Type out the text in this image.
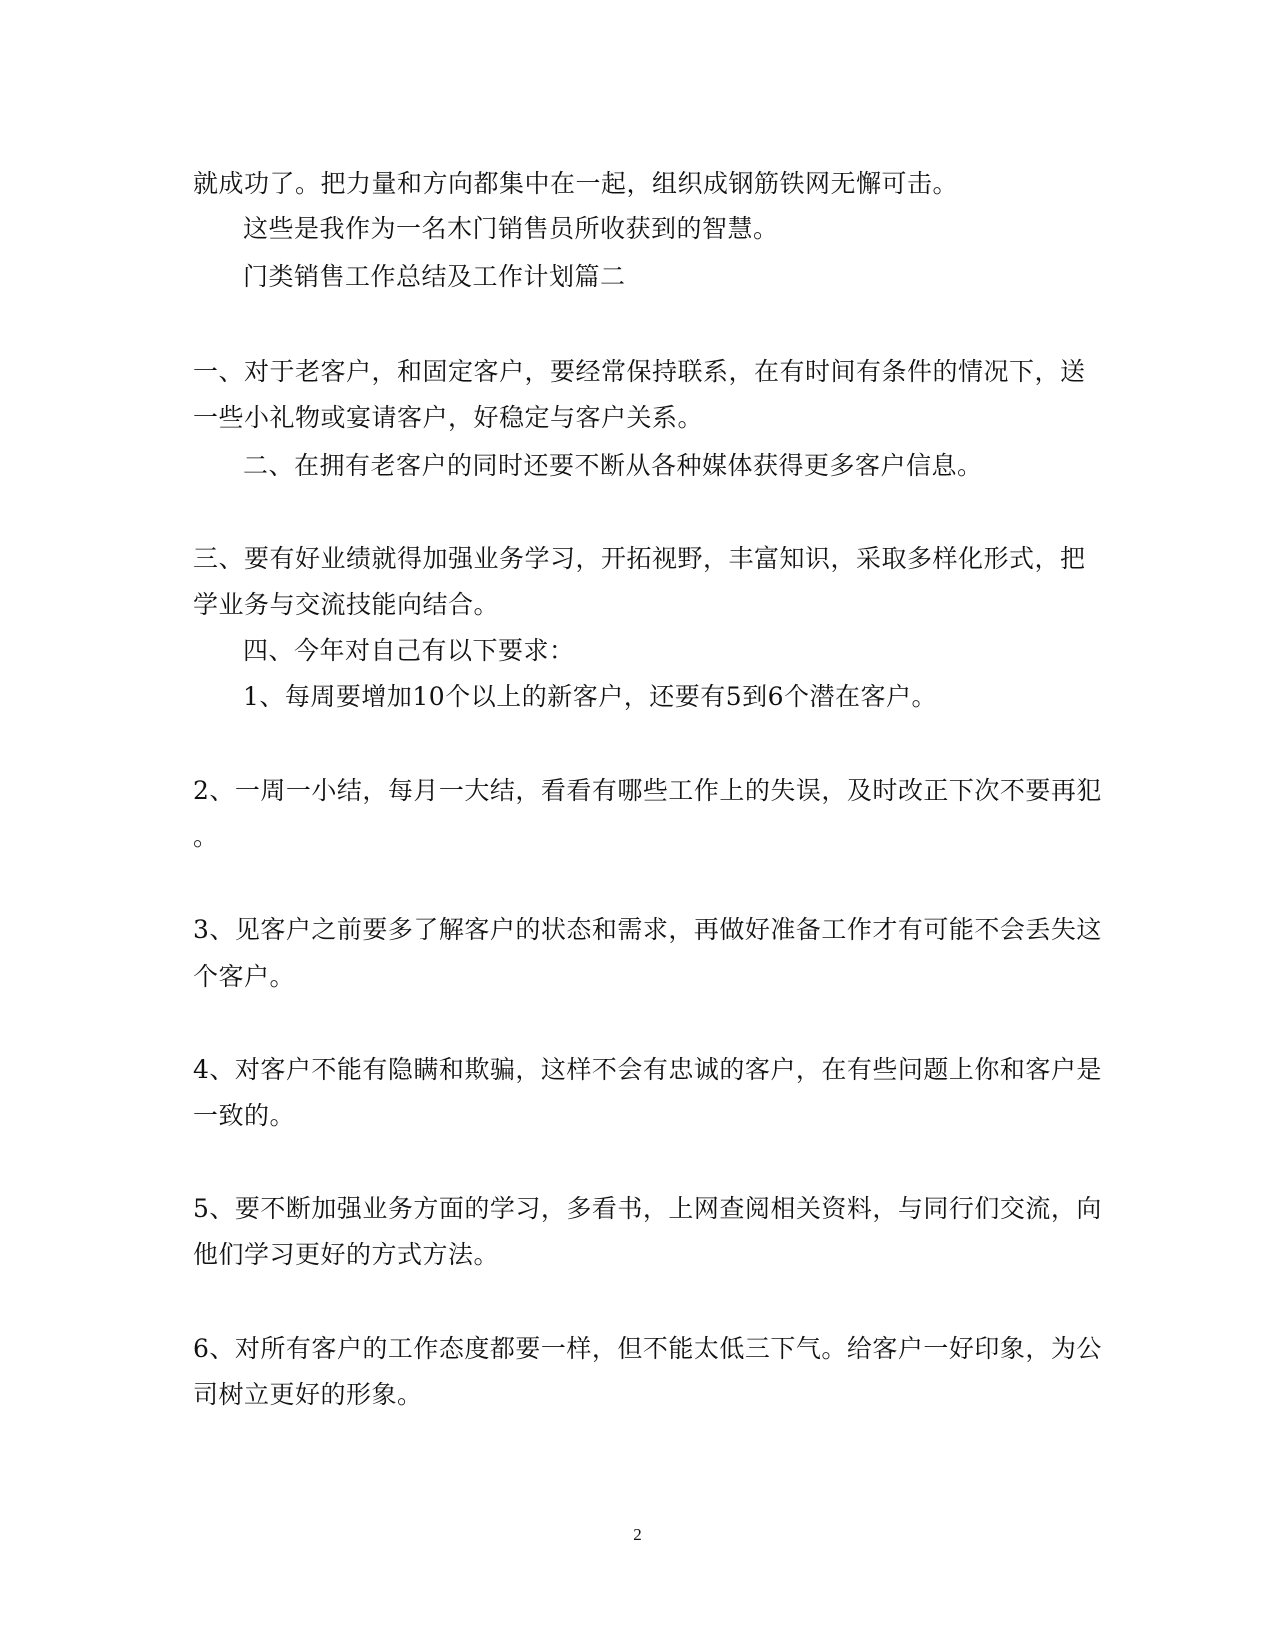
就成功了。把力量和方向都集中在一起，组织成钢筋铁网无懈可击。
这些是我作为一名木门销售员所收获到的智慧。
门类销售工作总结及工作计划篇二
一、对于老客户，和固定客户，要经常保持联系，在有时间有条件的情况下，送
一些小礼物或宴请客户，好稳定与客户关系。
二、在拥有老客户的同时还要不断从各种媒体获得更多客户信息。
三、要有好业绩就得加强业务学习，开拓视野，丰富知识，采取多样化形式，把
学业务与交流技能向结合。
四、今年对自己有以下要求：
1、每周要增加10个以上的新客户，还要有5到6个潜在客户。
2、一周一小结，每月一大结，看看有哪些工作上的失误，及时改正下次不要再犯
。
3、见客户之前要多了解客户的状态和需求，再做好准备工作才有可能不会丢失这
个客户。
4、对客户不能有隐瞒和欺骗，这样不会有忠诚的客户，在有些问题上你和客户是
一致的。
5、要不断加强业务方面的学习，多看书，上网查阅相关资料，与同行们交流，向
他们学习更好的方式方法。
6、对所有客户的工作态度都要一样，但不能太低三下气。给客户一好印象，为公
司树立更好的形象。
2
